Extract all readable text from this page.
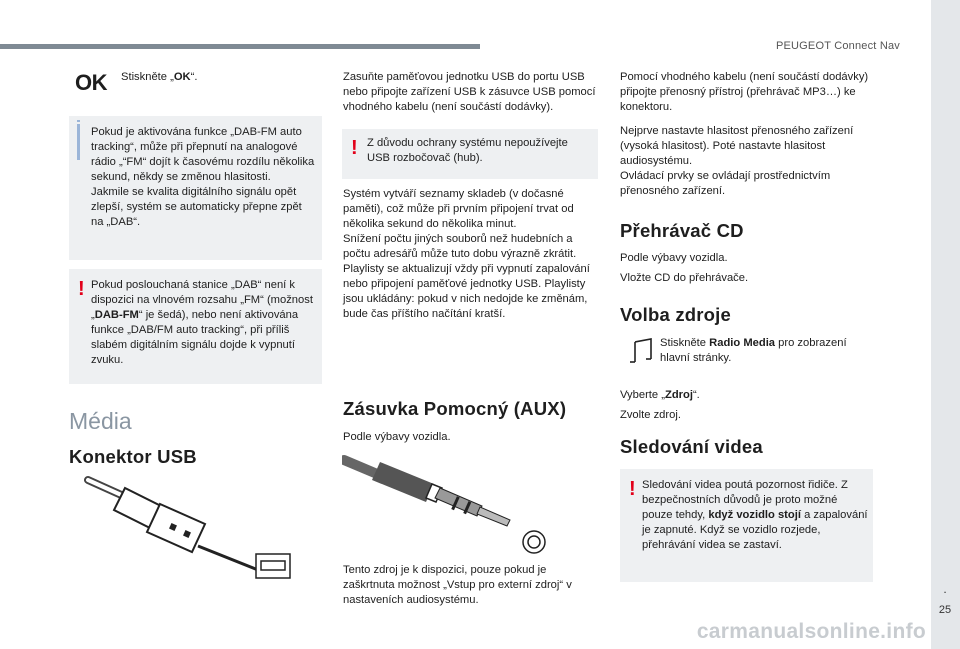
PEUGEOT Connect Nav
.
25
carmanualsonline.info
OK Stiskněte „OK“.

Pokud je aktivována funkce „DAB-FM auto tracking“, může při přepnutí na analogové rádio „“FM“ dojít k časovému rozdílu několika sekund, někdy se změnou hlasitosti.

Jakmile se kvalita digitálního signálu opět zlepší, systém se automaticky přepne zpět na „DAB“.

! Pokud poslouchaná stanice „DAB“ není k dispozici na vlnovém rozsahu „FM“ (možnost „DAB-FM“ je šedá), nebo není aktivována funkce „DAB/FM auto tracking“, při příliš slabém digitálním signálu dojde k vypnutí zvuku.

Média
Konektor USB

Zasuňte paměťovou jednotku USB do portu USB nebo připojte zařízení USB k zásuvce USB pomocí vhodného kabelu (není součástí dodávky).

! Z důvodu ochrany systému nepoužívejte USB rozbočovač (hub).

Systém vytváří seznamy skladeb (v dočasné paměti), což může při prvním připojení trvat od několika sekund do několika minut.

Snížení počtu jiných souborů než hudebních a počtu adresářů může tuto dobu výrazně zkrátit.

Playlisty se aktualizují vždy při vypnutí zapalování nebo připojení paměťové jednotky USB. Playlisty jsou ukládány: pokud v nich nedojde ke změnám, bude čas příštího načítání kratší.

Zásuvka Pomocný (AUX)

Podle výbavy vozidla.

Tento zdroj je k dispozici, pouze pokud je zaškrtnuta možnost „Vstup pro externí zdroj“ v nastaveních audiosystému.

Pomocí vhodného kabelu (není součástí dodávky) připojte přenosný přístroj (přehrávač MP3…) ke konektoru.

Nejprve nastavte hlasitost přenosného zařízení (vysoká hlasitost). Poté nastavte hlasitost audiosystému.

Ovládací prvky se ovládají prostřednictvím přenosného zařízení.

Přehrávač CD

Podle výbavy vozidla.

Vložte CD do přehrávače.

Volba zdroje

Stiskněte Radio Media pro zobrazení hlavní stránky.

Vyberte „Zdroj“.

Zvolte zdroj.

Sledování videa
! Sledování videa poutá pozornost řidiče. Z bezpečnostních důvodů je proto možné pouze tehdy, když vozidlo stojí a zapalování je zapnuté. Když se vozidlo rozjede, přehrávání videa se zastaví.
